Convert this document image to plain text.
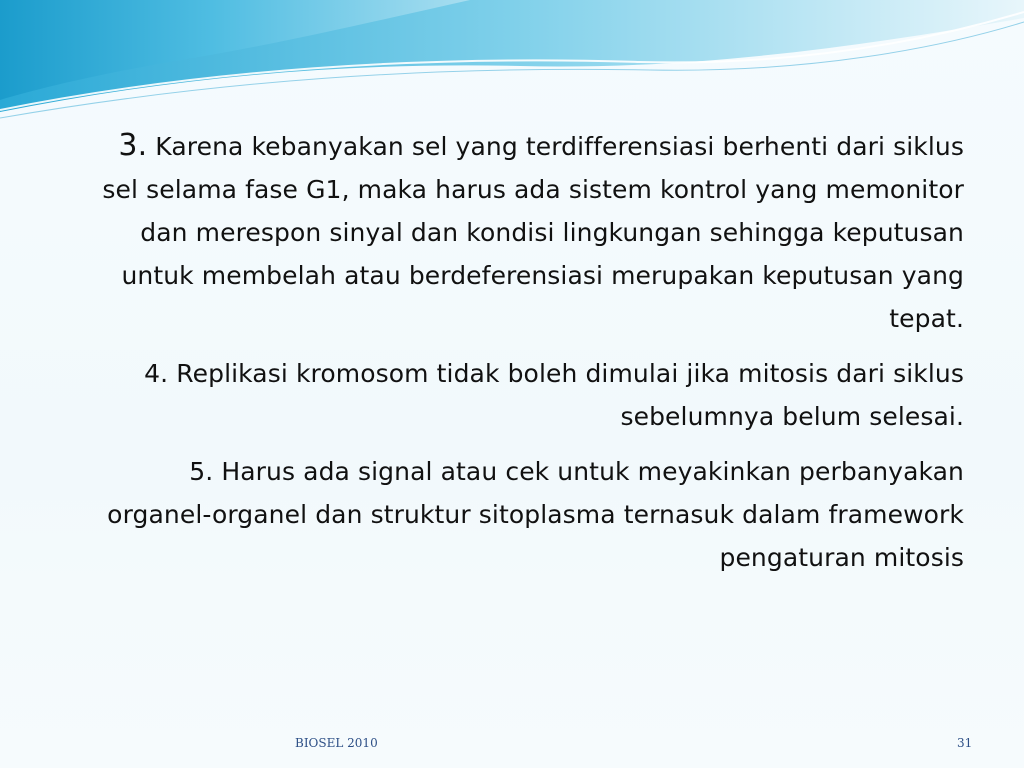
3. Karena kebanyakan sel yang terdifferensiasi berhenti dari siklus sel selama fase G1, maka harus ada sistem kontrol yang memonitor dan merespon sinyal dan kondisi lingkungan sehingga keputusan untuk membelah atau berdeferensiasi merupakan keputusan yang tepat.

4. Replikasi kromosom tidak boleh dimulai jika mitosis dari siklus sebelumnya belum selesai.

5. Harus ada signal atau cek untuk meyakinkan perbanyakan organel-organel dan struktur sitoplasma ternasuk dalam framework pengaturan mitosis

BIOSEL 2010	31
